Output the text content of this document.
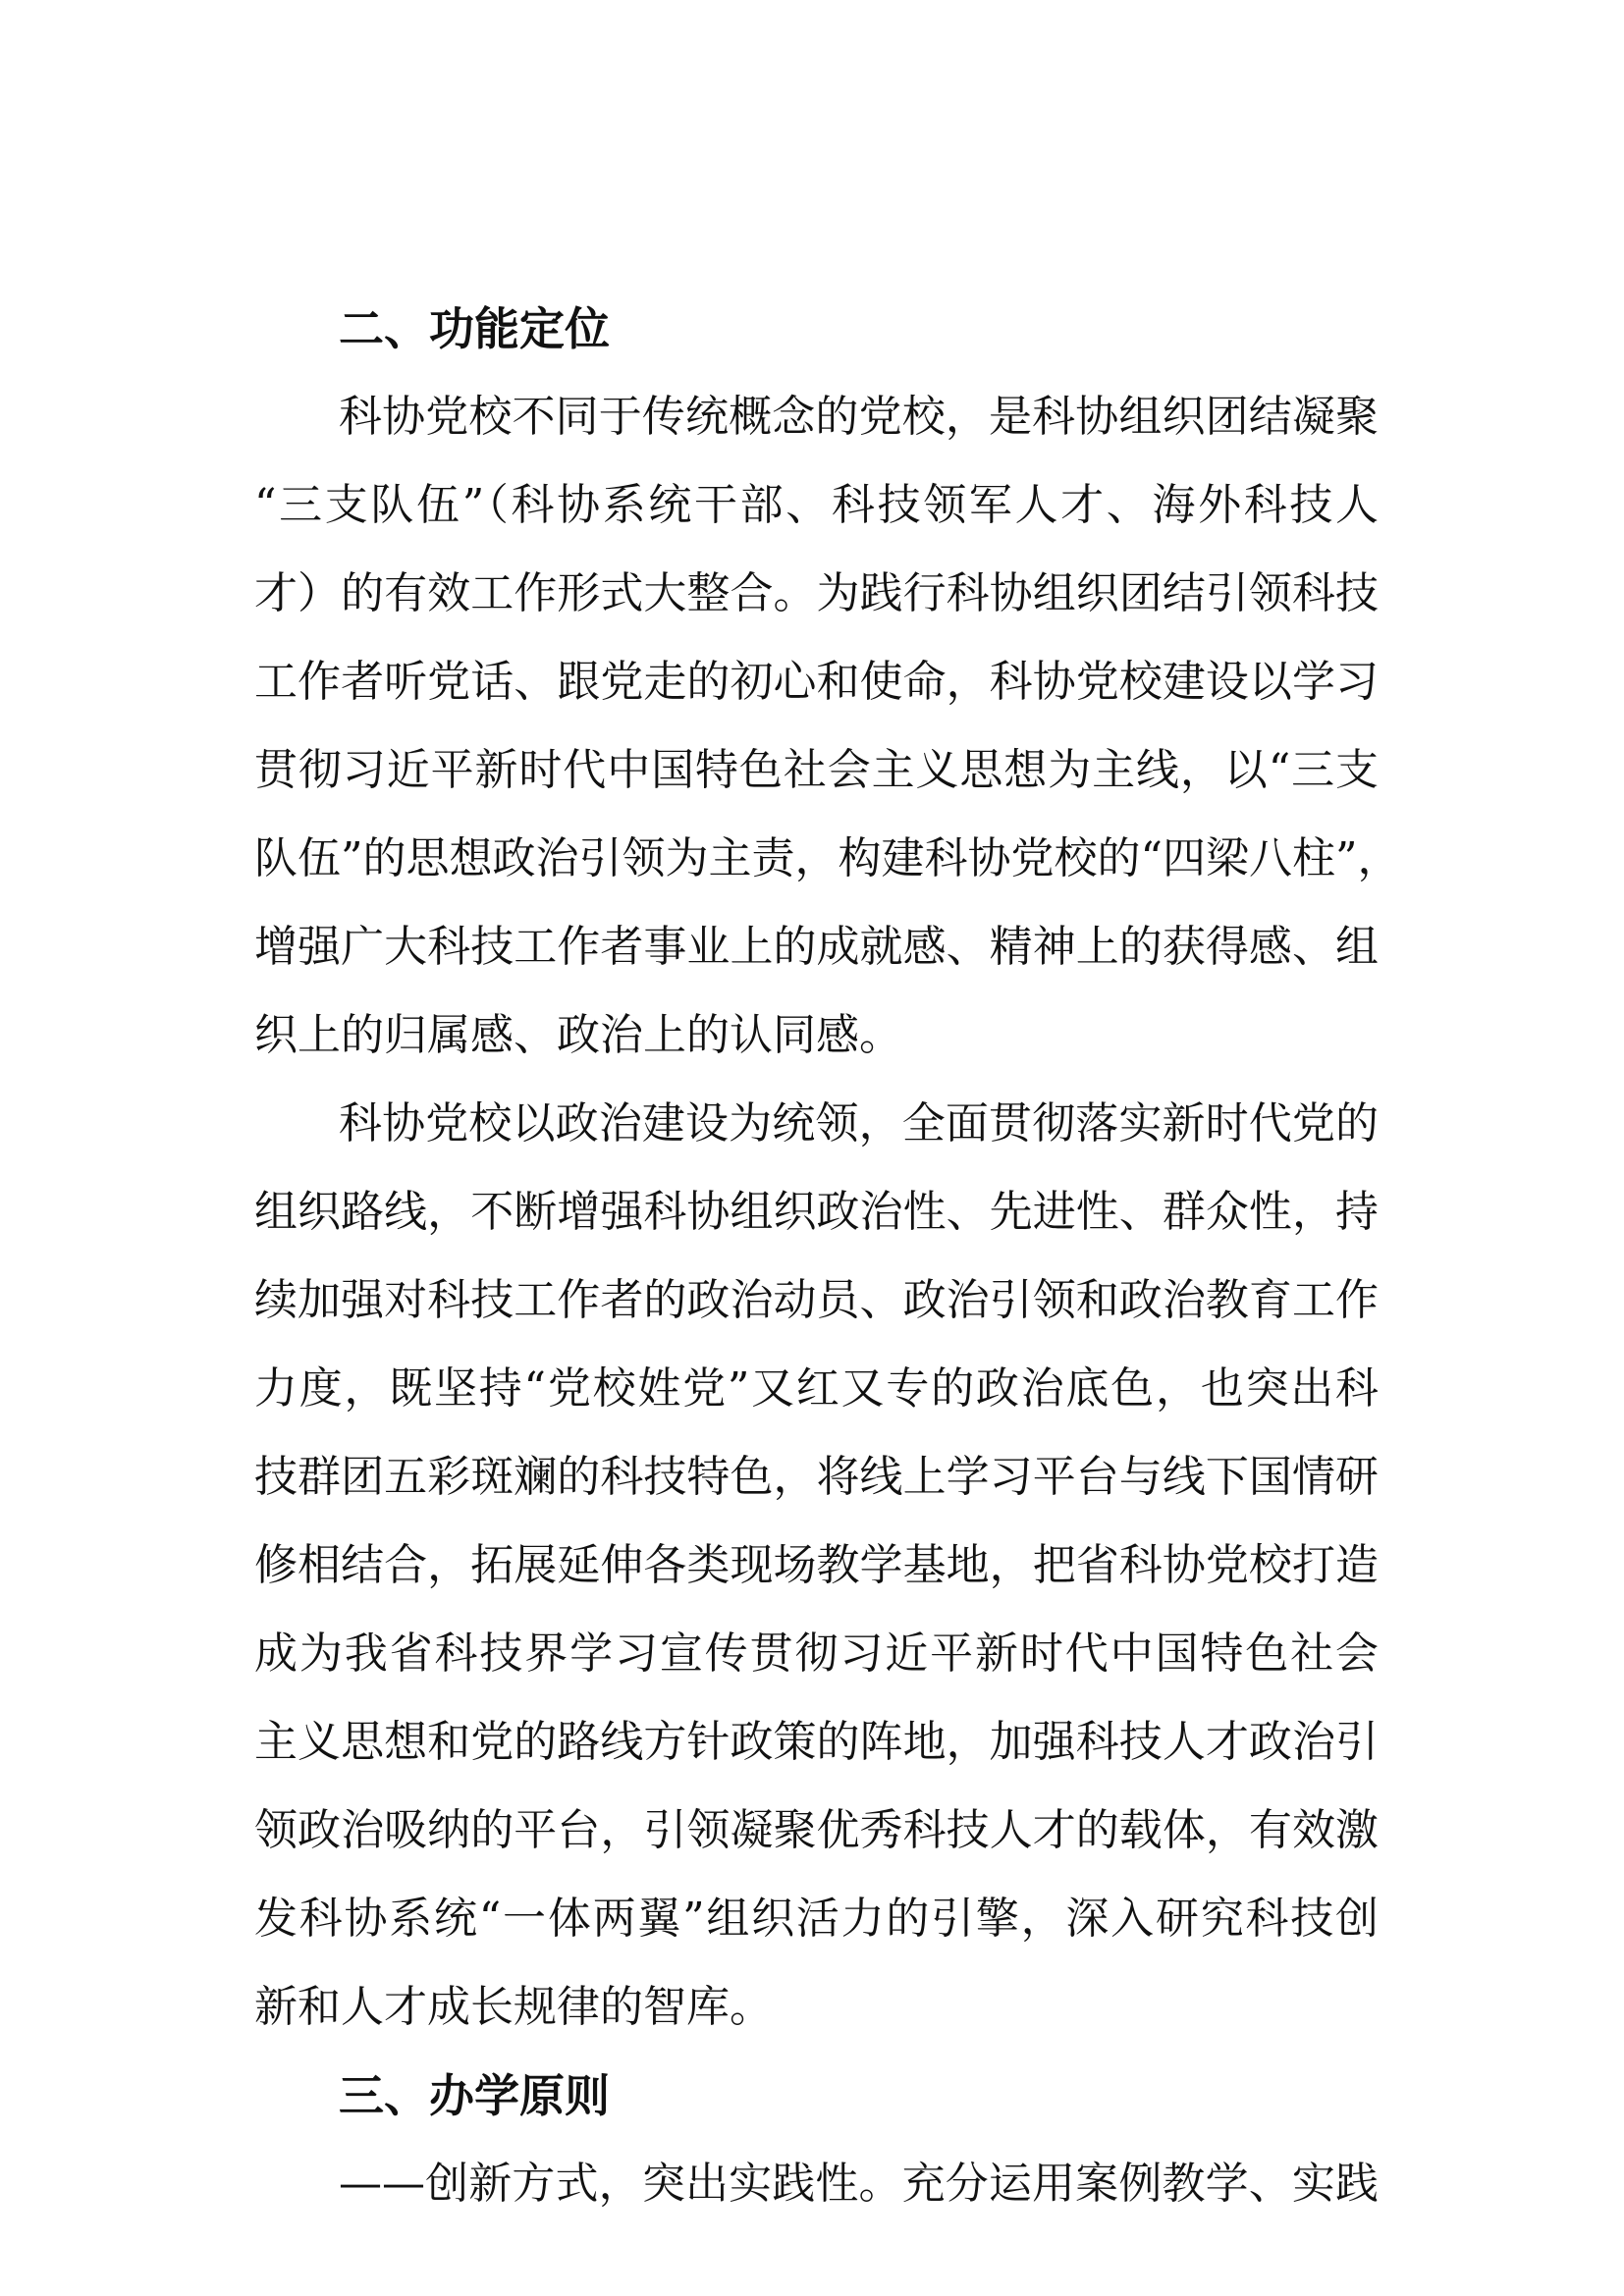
二、功能定位
科协党校不同于传统概念的党校，是科协组织团结凝聚
“三支队伍”（科协系统干部、科技领军人才、海外科技人
才）的有效工作形式大整合。为践行科协组织团结引领科技
工作者听党话、跟党走的初心和使命，科协党校建设以学习
贯彻习近平新时代中国特色社会主义思想为主线，以“三支
队伍”的思想政治引领为主责，构建科协党校的“四梁八柱”，
增强广大科技工作者事业上的成就感、精神上的获得感、组
织上的归属感、政治上的认同感。
科协党校以政治建设为统领，全面贯彻落实新时代党的
组织路线，不断增强科协组织政治性、先进性、群众性，持
续加强对科技工作者的政治动员、政治引领和政治教育工作
力度，既坚持“党校姓党”又红又专的政治底色，也突出科
技群团五彩斑斓的科技特色，将线上学习平台与线下国情研
修相结合，拓展延伸各类现场教学基地，把省科协党校打造
成为我省科技界学习宣传贯彻习近平新时代中国特色社会
主义思想和党的路线方针政策的阵地，加强科技人才政治引
领政治吸纳的平台，引领凝聚优秀科技人才的载体，有效激
发科协系统“一体两翼”组织活力的引擎，深入研究科技创
新和人才成长规律的智库。
三、办学原则
——创新方式，突出实践性。充分运用案例教学、实践
